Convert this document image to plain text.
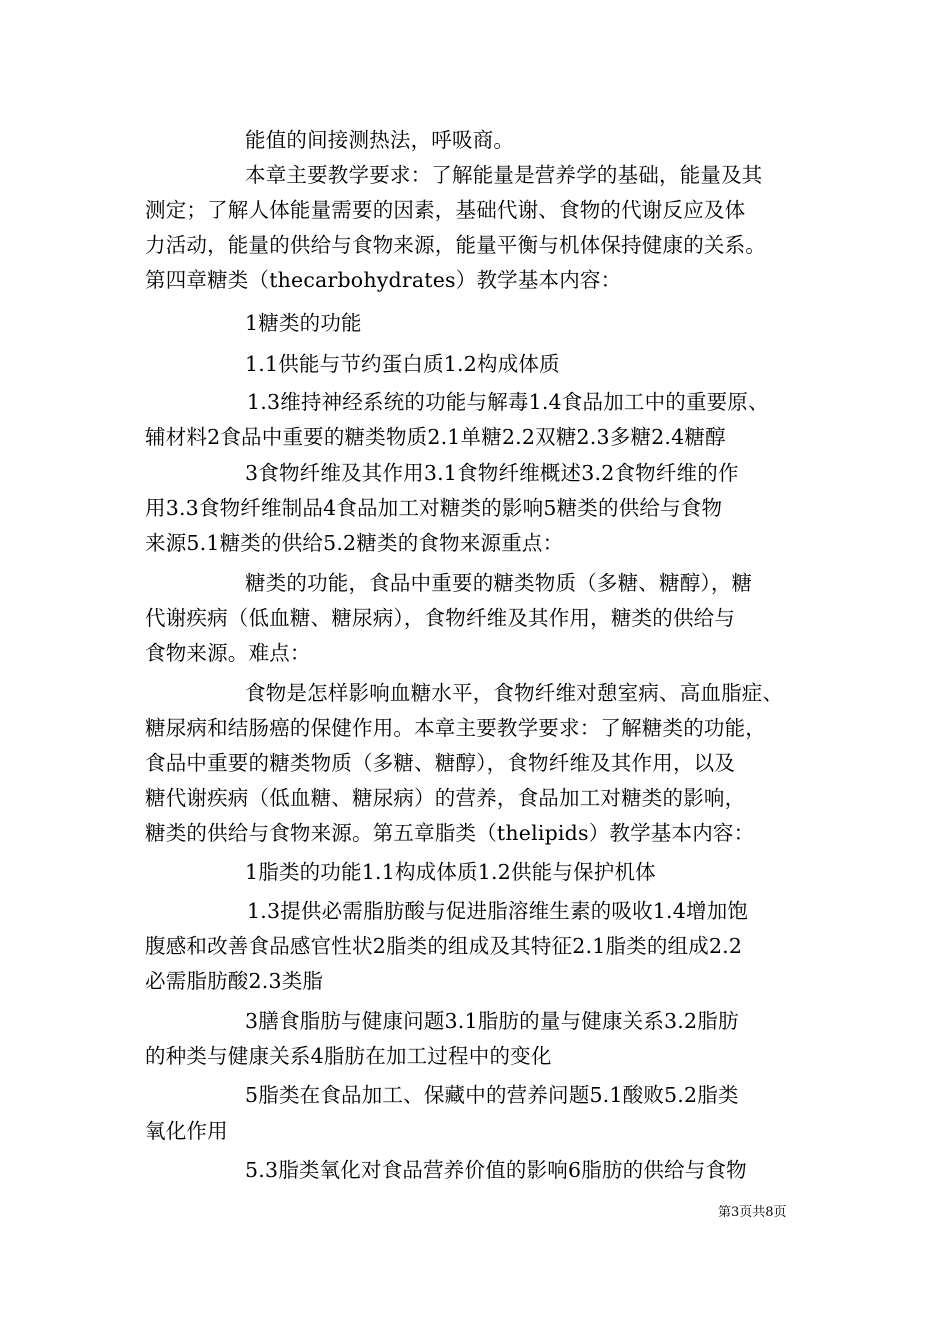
能值的间接测热法，呼吸商。
本章主要教学要求：了解能量是营养学的基础，能量及其
测定；了解人体能量需要的因素，基础代谢、食物的代谢反应及体
力活动，能量的供给与食物来源，能量平衡与机体保持健康的关系。
第四章糖类（thecarbohydrates）教学基本内容：
1糖类的功能
1.1供能与节约蛋白质1.2构成体质
1.3维持神经系统的功能与解毒1.4食品加工中的重要原、
辅材料2食品中重要的糖类物质2.1单糖2.2双糖2.3多糖2.4糖醇
3食物纤维及其作用3.1食物纤维概述3.2食物纤维的作
用3.3食物纤维制品4食品加工对糖类的影响5糖类的供给与食物
来源5.1糖类的供给5.2糖类的食物来源重点：
糖类的功能，食品中重要的糖类物质（多糖、糖醇），糖
代谢疾病（低血糖、糖尿病），食物纤维及其作用，糖类的供给与
食物来源。难点：
食物是怎样影响血糖水平，食物纤维对憩室病、高血脂症、
糖尿病和结肠癌的保健作用。本章主要教学要求：了解糖类的功能，
食品中重要的糖类物质（多糖、糖醇），食物纤维及其作用，以及
糖代谢疾病（低血糖、糖尿病）的营养，食品加工对糖类的影响，
糖类的供给与食物来源。第五章脂类（thelipids）教学基本内容：
1脂类的功能1.1构成体质1.2供能与保护机体
1.3提供必需脂肪酸与促进脂溶维生素的吸收1.4增加饱
腹感和改善食品感官性状2脂类的组成及其特征2.1脂类的组成2.2
必需脂肪酸2.3类脂
3膳食脂肪与健康问题3.1脂肪的量与健康关系3.2脂肪
的种类与健康关系4脂肪在加工过程中的变化
5脂类在食品加工、保藏中的营养问题5.1酸败5.2脂类
氧化作用
5.3脂类氧化对食品营养价值的影响6脂肪的供给与食物
第3页共8页
